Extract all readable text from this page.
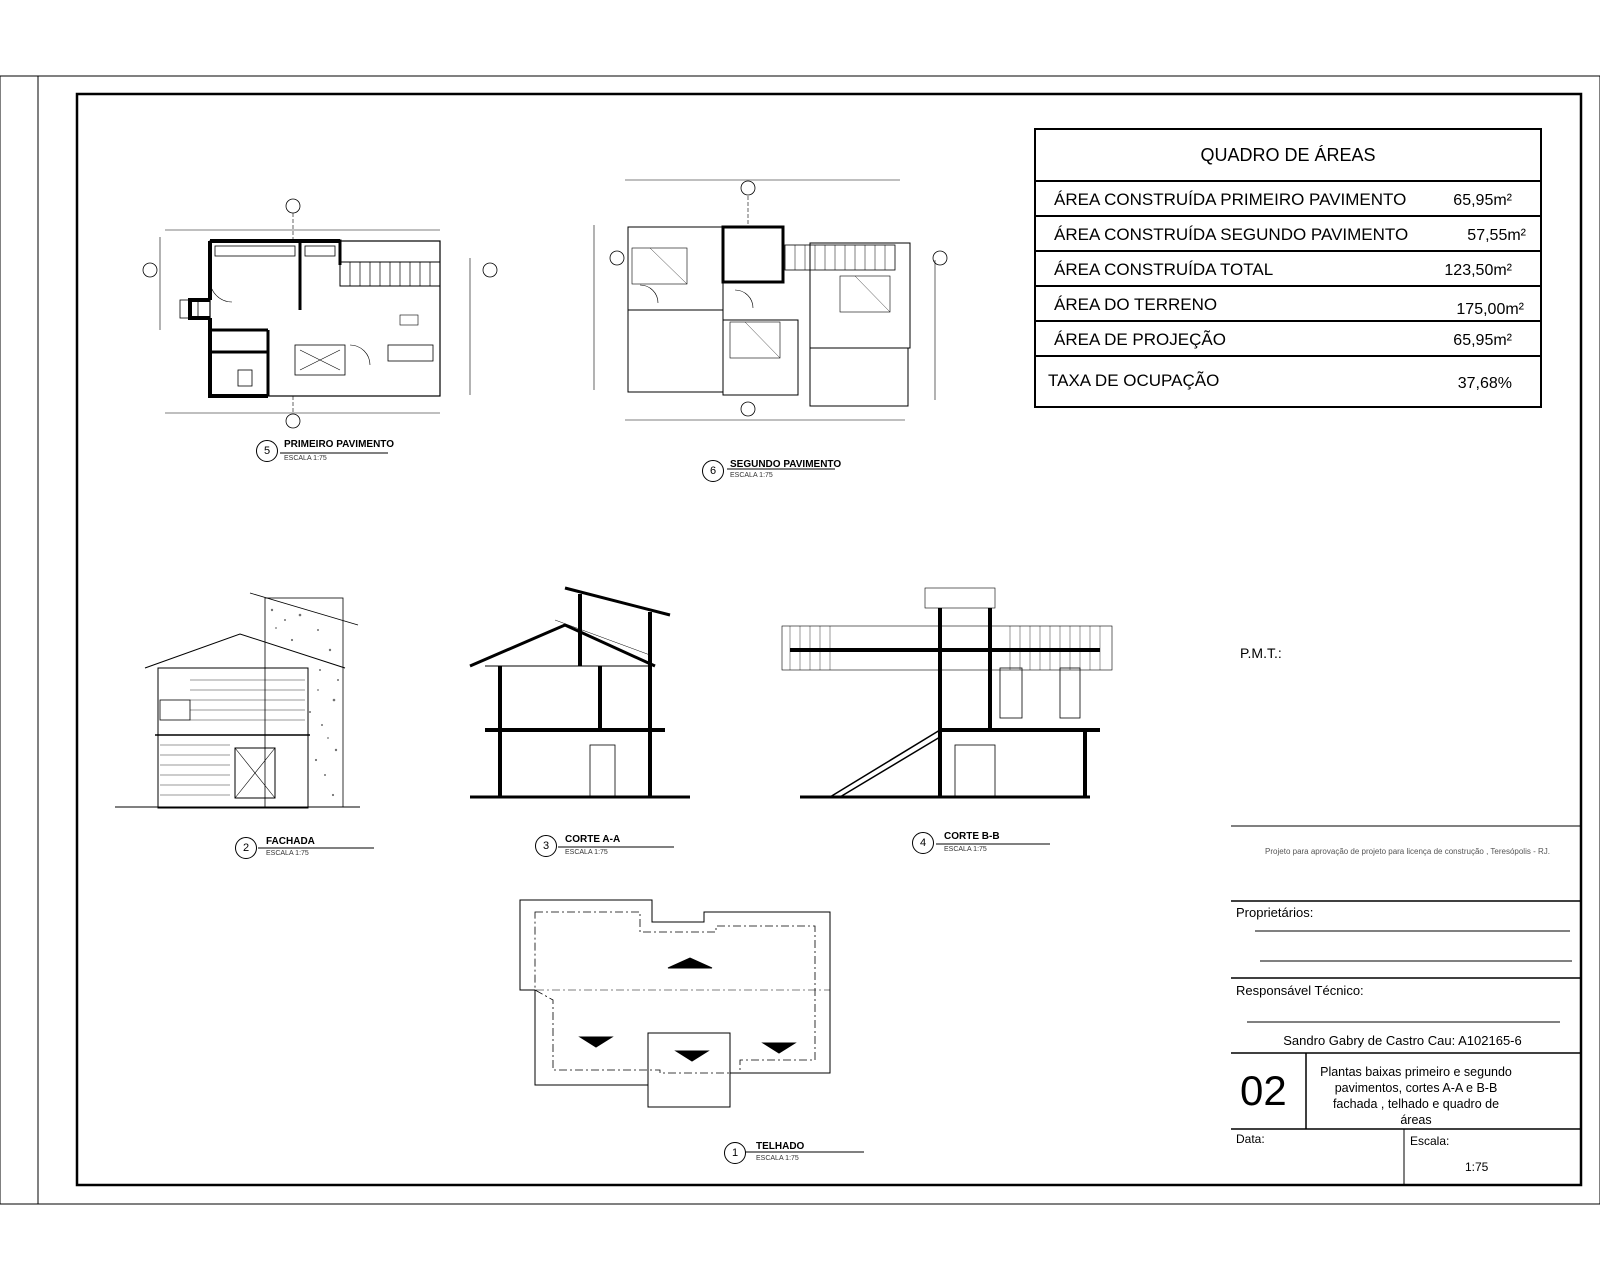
QUADRO DE ÁREAS
ÁREA CONSTRUÍDA PRIMEIRO PAVIMENTO	65,95m²
ÁREA CONSTRUÍDA SEGUNDO PAVIMENTO	57,55m²
ÁREA CONSTRUÍDA TOTAL	123,50m²
ÁREA DO TERRENO	175,00m²
ÁREA DE PROJEÇÃO	65,95m²
TAXA DE OCUPAÇÃO	37,68%
5
PRIMEIRO PAVIMENTO
ESCALA 1:75
6
SEGUNDO PAVIMENTO
ESCALA 1:75
2
FACHADA
ESCALA 1:75
3
CORTE A-A
ESCALA 1:75
4
CORTE B-B
ESCALA 1:75
1
TELHADO
ESCALA 1:75
P.M.T.:
Projeto para aprovação de projeto para licença de construção , Teresópolis - RJ.
Proprietários:
Responsável Técnico:
Sandro Gabry de Castro Cau: A102165-6
02	Plantas baixas primeiro e segundo pavimentos, cortes A-A e B-B fachada , telhado e quadro de áreas
Data:	Escala:
1:75
